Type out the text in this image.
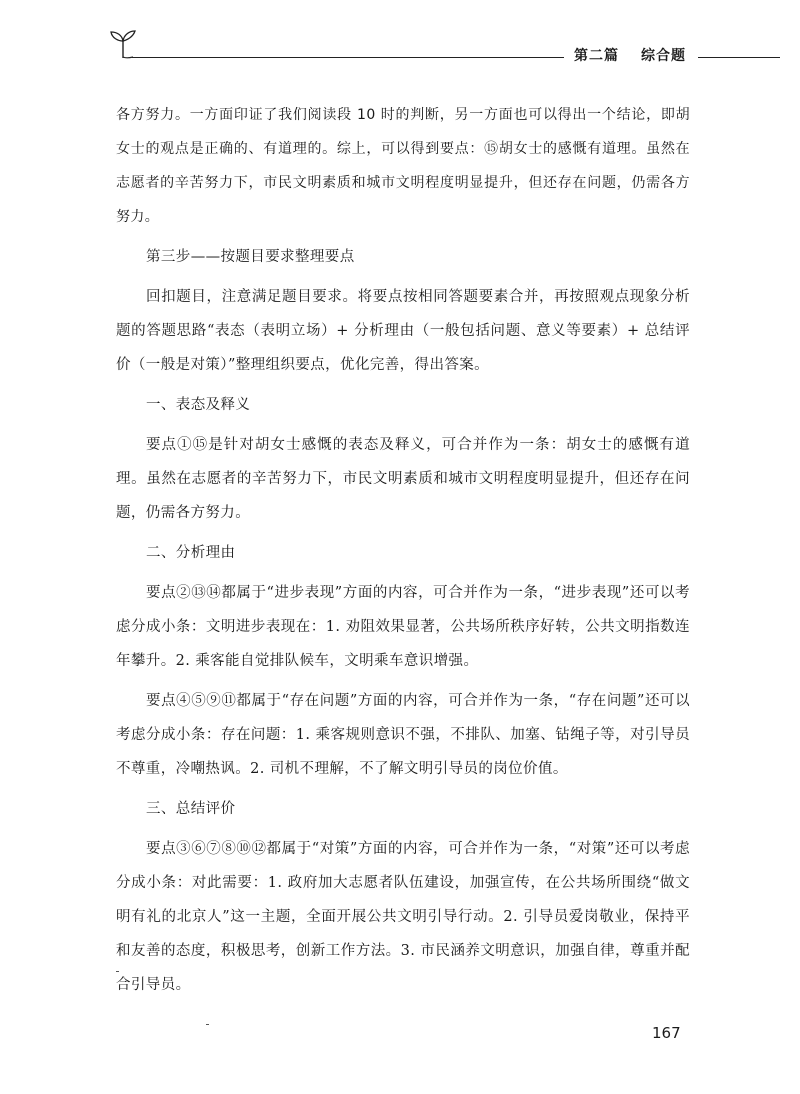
第二篇 综合题

各方努力。一方面印证了我们阅读段 10 时的判断，另一方面也可以得出一个结论，即胡女士的观点是正确的、有道理的。综上，可以得到要点：⑮胡女士的感慨有道理。虽然在志愿者的辛苦努力下，市民文明素质和城市文明程度明显提升，但还存在问题，仍需各方努力。

第三步——按题目要求整理要点

回扣题目，注意满足题目要求。将要点按相同答题要素合并，再按照观点现象分析题的答题思路“表态（表明立场）+ 分析理由（一般包括问题、意义等要素）+ 总结评价（一般是对策）”整理组织要点，优化完善，得出答案。

一、表态及释义

要点①⑮是针对胡女士感慨的表态及释义，可合并作为一条：胡女士的感慨有道理。虽然在志愿者的辛苦努力下，市民文明素质和城市文明程度明显提升，但还存在问题，仍需各方努力。

二、分析理由

要点②⑬⑭都属于“进步表现”方面的内容，可合并作为一条，“进步表现”还可以考虑分成小条：文明进步表现在：1. 劝阻效果显著，公共场所秩序好转，公共文明指数连年攀升。2. 乘客能自觉排队候车，文明乘车意识增强。

要点④⑤⑨⑪都属于“存在问题”方面的内容，可合并作为一条，“存在问题”还可以考虑分成小条：存在问题：1. 乘客规则意识不强，不排队、加塞、钻绳子等，对引导员不尊重，冷嘲热讽。2. 司机不理解，不了解文明引导员的岗位价值。

三、总结评价

要点③⑥⑦⑧⑩⑫都属于“对策”方面的内容，可合并作为一条，“对策”还可以考虑分成小条：对此需要：1. 政府加大志愿者队伍建设，加强宣传，在公共场所围绕“做文明有礼的北京人”这一主题，全面开展公共文明引导行动。2. 引导员爱岗敬业，保持平和友善的态度，积极思考，创新工作方法。3. 市民涵养文明意识，加强自律，尊重并配合引导员。

167
